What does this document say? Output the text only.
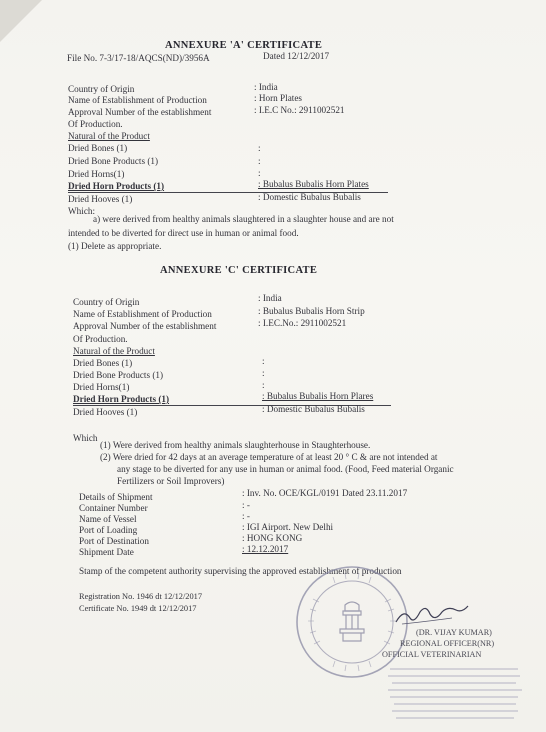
ANNEXURE 'A' CERTIFICATE
File No. 7-3/17-18/AQCS(ND)/3956A	Dated 12/12/2017
Country of Origin	: India
Name of Establishment of Production	: Horn Plates
Approval Number of the establishment	: I.E.C No.: 2911002521
Of Production.
Natural of the Product
Dried Bones (1)	:
Dried Bone Products (1)	:
Dried Horns(1)	:
Dried Horn Products (1)	: Bubalus Bubalis Horn Plates
Dried Hooves (1)	: Domestic Bubalus Bubalis
Which:
a) were derived from healthy animals slaughtered in a slaughter house and are not
intended to be diverted for direct use in human or animal food.
(1) Delete as appropriate.
ANNEXURE 'C' CERTIFICATE
Country of Origin	: India
Name of Establishment of Production	: Bubalus Bubalis Horn Strip
Approval Number of the establishment	: I.EC.No.: 2911002521
Of Production.
Natural of the Product
Dried Bones (1)	:
Dried Bone Products (1)	:
Dried Horns(1)	:
Dried Horn Products (1)	: Bubalus Bubalis Horn Plares
Dried Hooves (1)	: Domestic Bubalus Bubalis
Which
(1) Were derived from healthy animals slaughterhouse in Staughterhouse.
(2) Were dried for 42 days at an average temperature of at least 20 ° C & are not intended at
any stage to be diverted for any use in human or animal food. (Food, Feed material Organic
Fertilizers or Soil Improvers)
Details of Shipment	: Inv. No. OCE/KGL/0191 Dated 23.11.2017
Container Number	: -
Name of Vessel	: -
Port of Loading	: IGI Airport. New Delhi
Port of Destination	: HONG KONG
Shipment Date	: 12.12.2017
Stamp of the competent authority supervising the approved establishment of production
Registration No. 1946 dt 12/12/2017
Certificate No. 1949 dt 12/12/2017
(DR. VIJAY KUMAR)
REGIONAL OFFICER(NR)
OFFICIAL VETERINARIAN
